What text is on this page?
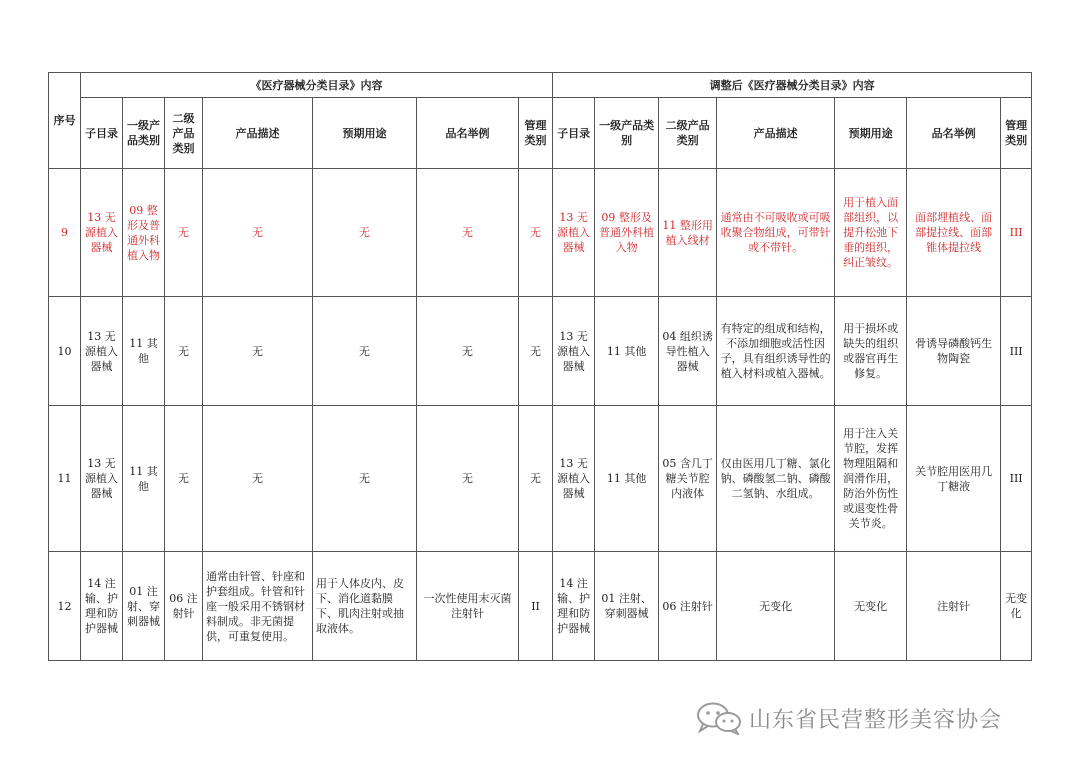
序号	《医疗器械分类目录》内容							调整后《医疗器械分类目录》内容						
	子目录	一级产品类别	二级产品类别	产品描述	预期用途	品名举例	管理类别	子目录	一级产品类别	二级产品类别	产品描述	预期用途	品名举例	管理类别
9	13 无源植入器械	09 整形及普通外科植入物	无	无	无	无	无	13 无源植入器械	09 整形及普通外科植入物	11 整形用植入线材	通常由不可吸收或可吸收聚合物组成，可带针或不带针。	用于植入面部组织，以提升松弛下垂的组织，纠正皱纹。	面部埋植线、面部提拉线、面部锥体提拉线	III
10	13 无源植入器械	11 其他	无	无	无	无	无	13 无源植入器械	11 其他	04 组织诱导性植入器械	有特定的组成和结构，不添加细胞或活性因子，具有组织诱导性的植入材料或植入器械。	用于损坏或缺失的组织或器官再生修复。	骨诱导磷酸钙生物陶瓷	III
11	13 无源植入器械	11 其他	无	无	无	无	无	13 无源植入器械	11 其他	05 含几丁糖关节腔内液体	仅由医用几丁糖、氯化钠、磷酸氢二钠、磷酸二氢钠、水组成。	用于注入关节腔，发挥物理阻隔和润滑作用，防治外伤性或退变性骨关节炎。	关节腔用医用几丁糖液	III
12	14 注输、护理和防护器械	01 注射、穿刺器械	06 注射针	通常由针管、针座和护套组成。针管和针座一般采用不锈钢材料制成。非无菌提供，可重复使用。	用于人体皮内、皮下、消化道黏膜下、肌肉注射或抽取液体。	一次性使用末灭菌注射针	II	14 注输、护理和防护器械	01 注射、穿刺器械	06 注射针	无变化	无变化	注射针	无变化
山东省民营整形美容协会
